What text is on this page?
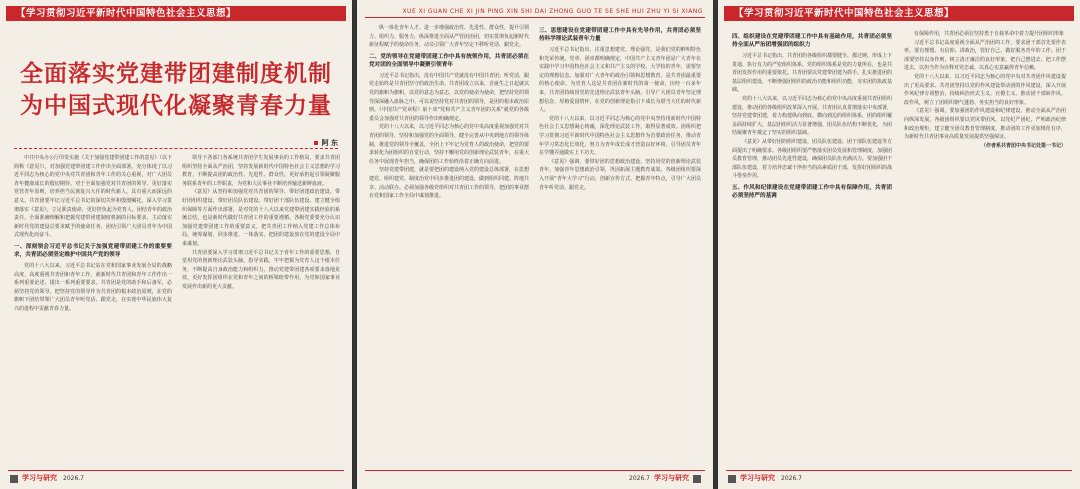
【学习贯彻习近平新时代中国特色社会主义思想】
全面落实党建带团建制度机制
为中国式现代化凝聚青春力量
阿 东

中共中央办公厅印发实施《关于加强党建带团建工作的意见》（以下简称《意见》），对加强党建带团建工作作出全面部署。充分体现了以习近平同志为核心的党中央对共青团和青年工作的关心重视，对广大团员青年健康成长的殷切期待。对于全面加强党对共青团的领导、更好落实党管青年原则，培养担当民族复兴大任的时代新人，具有重大而深远的意义。共青团要牢记习近平总书记的深切关怀和殷殷嘱托，深入学习贯彻落实《意见》，立足职责使命，更好担负起为党育人、团结青年的政治责任，全面准确理解和把握党建带团建制度机制的目标要求，主动落实新时代党的建设总要求赋予的使命任务，团结引领广大团员青年为中国式现代化而奋斗。

一、深刻领会习近平总书记关于加强党建带团建工作的重要要求，共青团必须坚定维护中国共产党的领导

党的十八大以来，习近平总书记站在党和国家事业发展全局的战略高度，高度重视共青团和青年工作，就新时代共青团和青年工作作出一系列重要论述、提出一系列重要要求。共青团是党的助手和后备军，必须坚持党的领导，把坚持党的领导作为共青团的根本政治原则，在党的旗帜下团结带领广大团员青年听党话、跟党走，在实现中华民族伟大复兴的进程中贡献青春力量。

领导下各部门各系统共青团学生发展事业的工作格局，要求共青团组织坚持全面从严治团，坚持发展新时代中国特色社会主义思想的学习教育，不断提高团的政治性、先进性、群众性，更好承担起引领凝聚服务联系青年的工作职责，为党和人民事业不断培养输送新鲜血液。

《意见》从坚持和加强党对共青团的领导、带好团建政治建设、带好团组织建设、带好团员队伍建设、带好团干部队伍建设、建立健全组织保障等方面作出部署，是对党的十八大以来党建带团建实践经验的系统总结，也是新时代做好共青团工作的重要遵循。各级党委要充分认识加强党建带团建工作的重要意义，把共青团工作纳入党建工作总体布局，统筹谋划、同步推进、一体落实，把团的建设放在党的建设全局中来谋划。

共青团要深入学习贯彻习近平总书记关于青年工作的重要思想，自觉用党的创新理论武装头脑、指导实践，牢牢把握为党育人这个根本任务，不断提高自身政治能力和组织力，推动党建带团建各项要求落地见效，更好发挥团组织在党和青年之间的桥梁纽带作用，为党和国家事业发展作出新的更大贡献。

学习与研究 2026.7
XUE XI GUAN CHE XI JIN PING XIN SHI DAI ZHONG GUO TE SE SHE HUI ZHU YI SI XIANG

纵一体化青年人才、进一步增强政治性、先进性、群众性，提升引领力、组织力、服务力，纵深推进全面从严管团治团，切实贯彻负起新时代新征程赋予的使命任务，动员引领广大青年坚定不移听党话、跟党走。

二、党的领导在党建带团建工作中具有统领作用，共青团必须在党对团的全面领导中凝聚引领青年

习近平总书记指出，没有中国共产党就没有中国共青团；听党话，跟党走始终是共青团坚守的政治生命。共青团成立以来，自诞生之日起就以党的旗帜为旗帜，以党的意志为意志，以党的使命为使命，把坚持党的领导深深融入血脉之中。可以说坚持党对共青团的领导，是团的根本政治原则。《中国共产党章程》第十章“党和共产主义青年团的关系”就党的各级委员会加强对共青团的领导作出明确规定。

党的十八大以来，以习近平同志为核心的党中央高度重视加强党对共青团的领导，坚持和加强党的全面领导，健全完善从中央到地方的领导体制，推进党的领导全覆盖。全团上下牢记为党育人的政治使命，把党的要求转化为团组织的自觉行动，坚持不懈用党的创新理论武装青年，在重大任务中展现青年担当，确保团的工作始终沿着正确方向前进。

坚持党建带团建，就是要把团的建设纳入党的建设总体部署，在思想建党、组织建党、制度治党中同步推进团的建设，做到组织同建、阵地共享、活动联办。必须加强各级党组织对共青团工作的领导，把团的事业摆在党和国家工作全局中谋划推进。

三、思想建设在党建带团建工作中具有先导作用，共青团必须坚持科学理论武装青年力量

习近平总书记指出，注重思想建党、理论强党，是我们党的鲜明特色和光荣传统。党章、团章都明确规定，中国共产主义青年团是广大青年在实践中学习中国特色社会主义和共产主义的学校。大学校的青年，需要坚定的理想信念。加强对广大青年的政治引领和思想教育，是共青团最重要的核心使命。为党育人这是共青团在新时代的第一使命，历经一百多年来，共青团持续用党的先进理论武装青年头脑，引导广大团员青年坚定理想信念、厚植爱国情怀，在党的创新理论指引下成长为堪当大任的时代新人。

党的十八大以来，以习近平同志为核心的党中央坚持用新时代中国特色社会主义思想凝心铸魂，深化理论武装工作，取得显著成效。团组织把学习贯彻习近平新时代中国特色社会主义思想作为首要政治任务，推动青年学习常态化长效化，努力为青年成长成才营造良好环境，引导团员青年在学懂弄通做实上下功夫。

《意见》强调，要带好团的思想政治建设，坚持用党的创新理论武装青年，加强青年思想政治引领，巩固拓展主题教育成果。各级团组织要深入开展“青年大学习”行动，创新宣传方式，把握青年特点，引导广大团员青年听党话、跟党走。

2026.7 学习与研究
【学习贯彻习近平新时代中国特色社会主义思想】
四、组织建设在党建带团建工作中具有基础作用，共青团必须坚持全面从严治团增强团的组织力

习近平总书记指出，共青团的各级组织都要健全、都过硬。形成上下贯通、执行有力的严密组织体系。党的组织体系是党的力量所在，也是共青团发挥作用的重要依托。共青团要以党建带团建为抓手，扎实推进团的基层组织建设，不断增强团组织的政治功能和组织功能，夯实团的执政基础。

党的十八大以来，以习近平同志为核心的党中央高度重视共青团组织建设，推动团的各级组织改革深入开展。共青团认真贯彻落实中央部署，坚持党建带团建，着力构建纵向到底、横向到边的组织体系，团的组织覆盖面持续扩大，基层团组织活力显著增强，团员队伍结构不断优化，为团结凝聚青年奠定了坚实的组织基础。

《意见》从带好团的组织建设、团员队伍建设、团干部队伍建设等方面提出了明确要求。各级团组织要严格落实团员发展和管理制度，加强团员教育管理，推动团员先进性建设，确保团员队伍充满活力。要加强团干部队伍建设，着力培养忠诚干净担当的高素质团干部，发挥好团组织的战斗堡垒作用。

五、作风和纪律建设在党建带团建工作中具有保障作用，共青团必须坚持严的基调

有保障作用，共青团必须在坚持勇于自我革命中着力提升团组织形象

习近平总书记高度重视全面从严治团的工作，要求团干部首先要作表率，要有理想、有信仰、讲政治，管好自己、做好服务青年的工作。团干部要坚持以身作则，树立清正廉洁的良好形象，把自己摆进去、把工作摆进去，以担当作为诠释对党忠诚，以真心实意赢得青年信赖。

党的十八大以来，以习近平同志为核心的党中央对共青团作风建设提出了更高要求。共青团坚持以党的作风建设带动团的作风建设，深入开展作风纪律专项整治，持续纠治形式主义、官僚主义，推动团干部转作风、改作风，树立了团组织朝气蓬勃、务实担当的良好形象。

《意见》强调，要加强团的作风建设和纪律建设，推动全面从严治团向纵深发展。各级团组织要以党风带团风，以党纪严团纪，严明政治纪律和政治规矩，建立健全团员教育管理制度，推动团的工作更加规范有序，为新时代共青团事业高质量发展提供坚强保证。

（作者系共青团中央书记处第一书记）

学习与研究 2026.7
